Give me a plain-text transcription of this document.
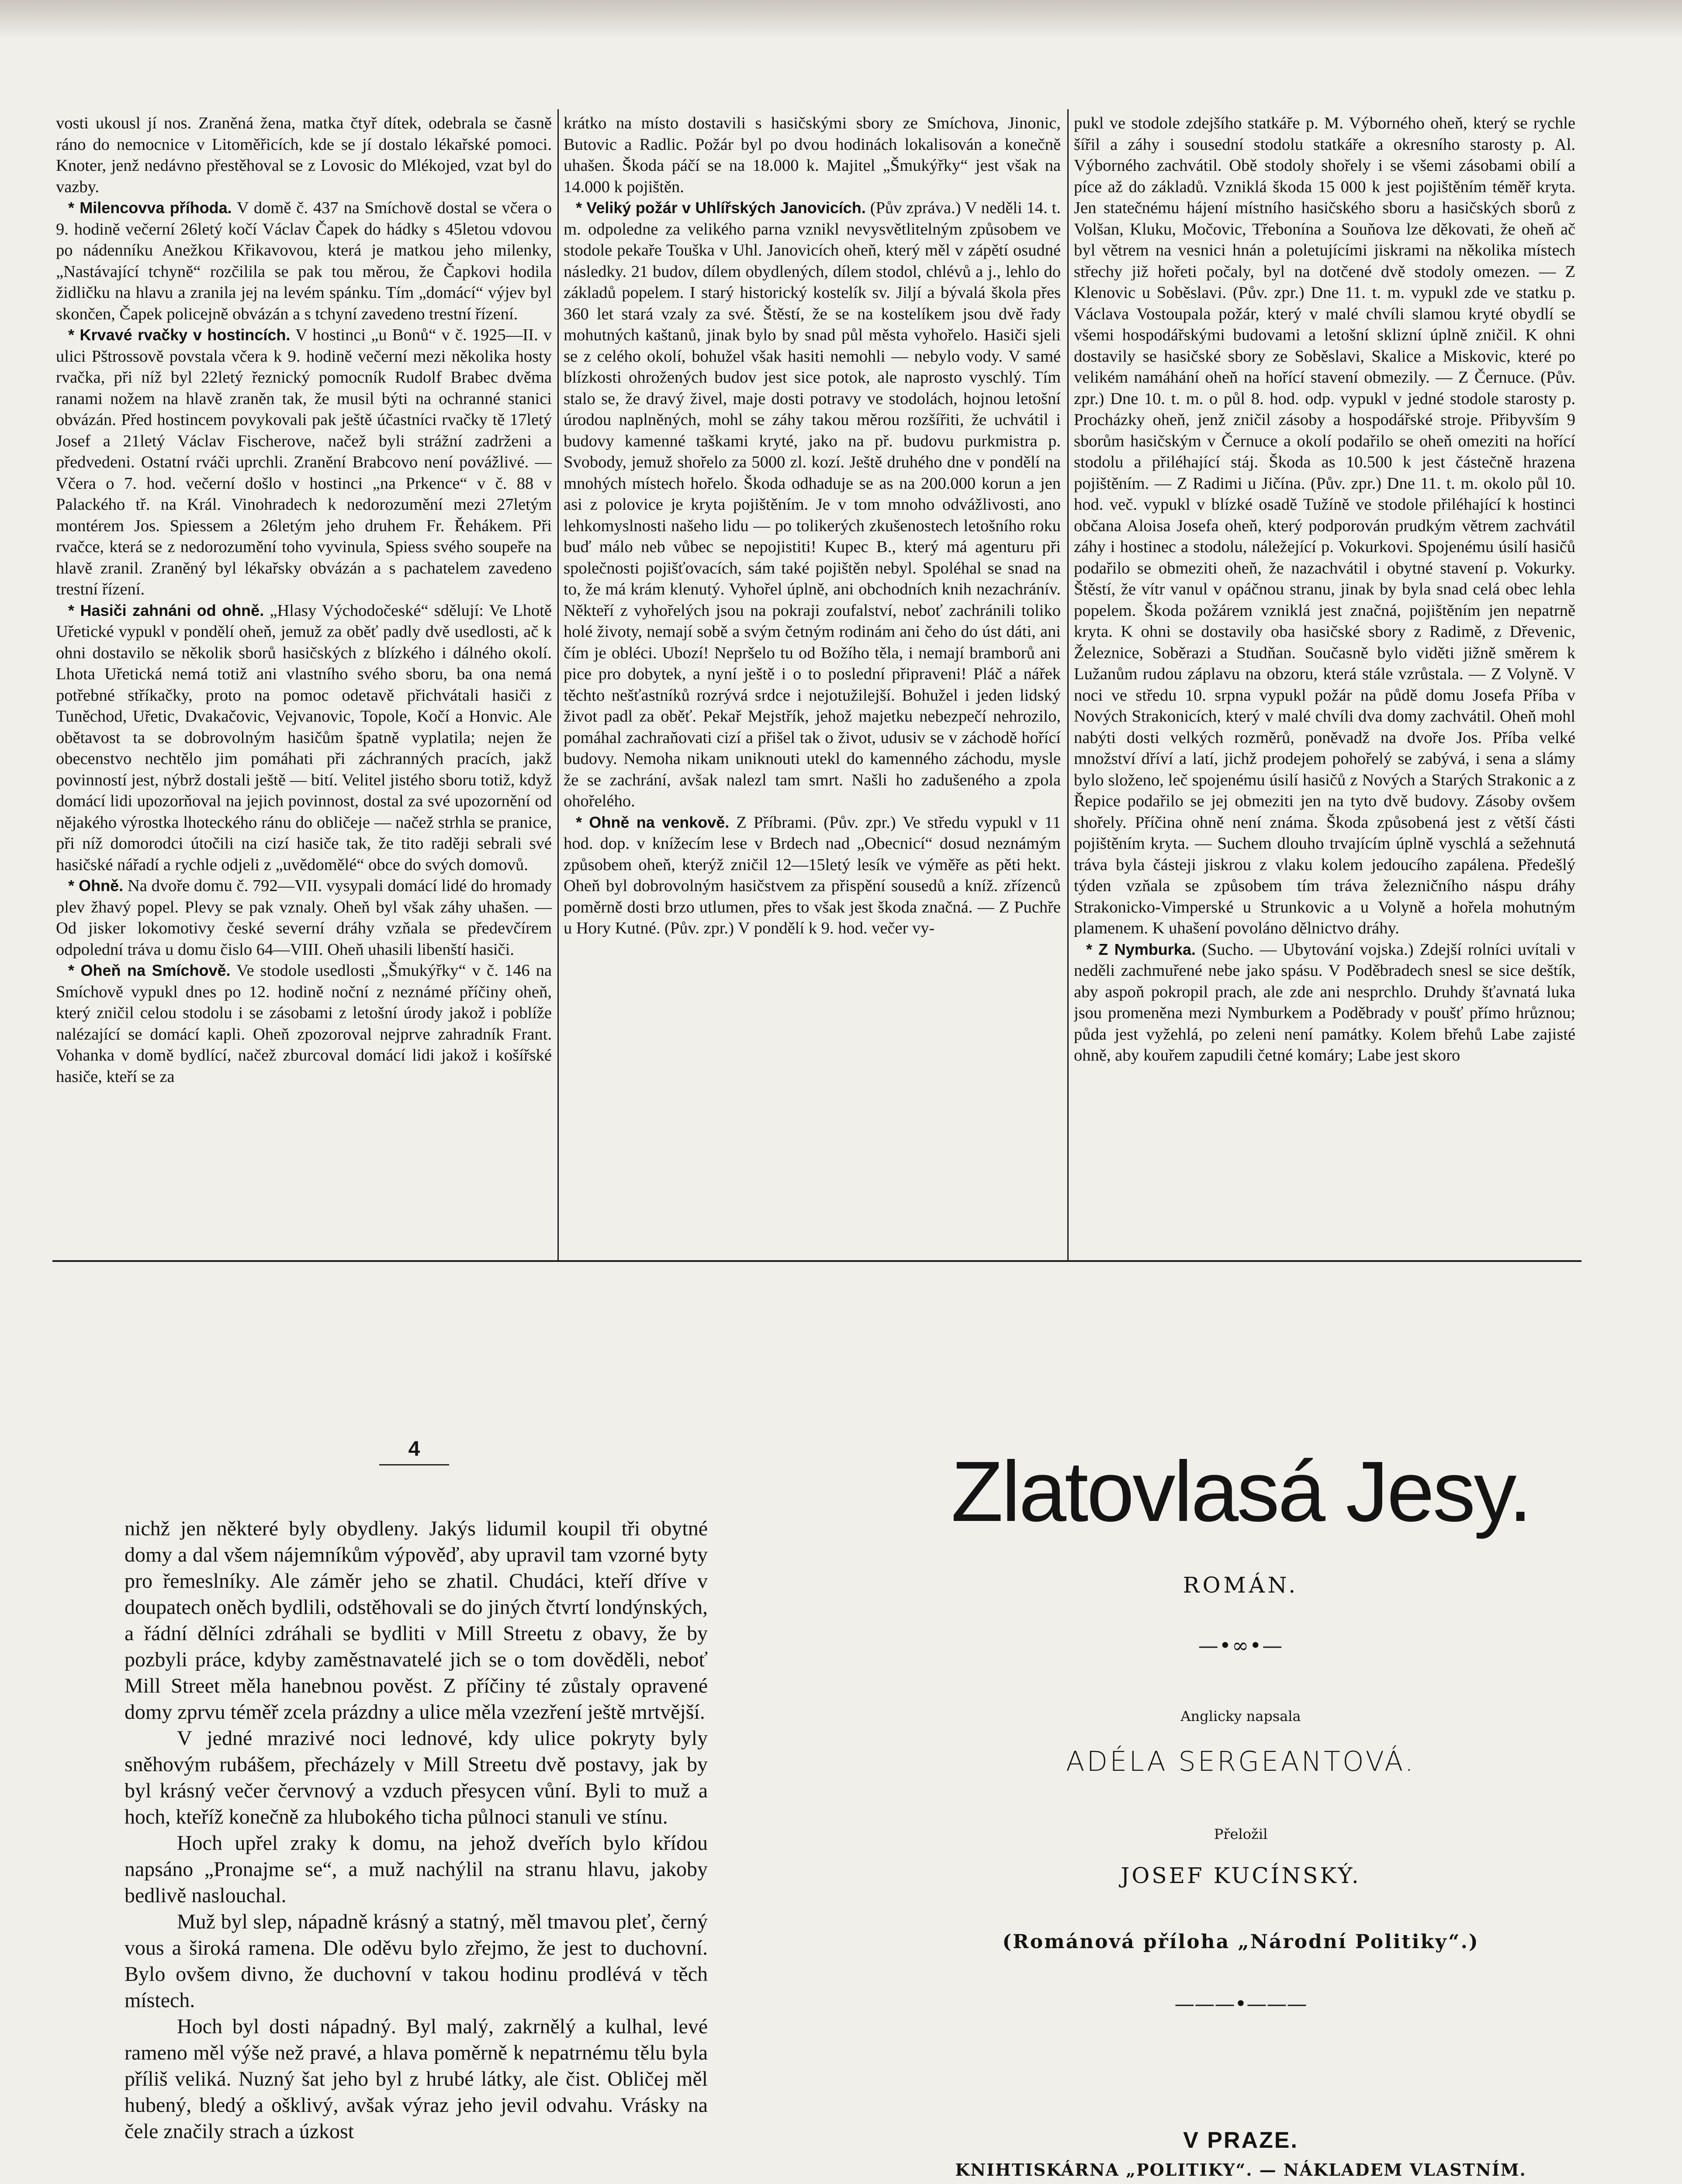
vosti ukousl jí nos. Zraněná žena, matka čtyř dítek, odebrala se časně ráno do nemocnice v Litoměřicích, kde se jí dostalo lékařské pomoci. Knoter, jenž nedávno přestěhoval se z Lovosic do Mlékojed, vzat byl do vazby.

* Milencovva příhoda. V domě č. 437 na Smíchově dostal se včera o 9. hodině večerní 26letý kočí Václav Čapek do hádky s 45letou vdovou po nádenníku Anežkou Křikavovou, která je matkou jeho milenky, „Nastávající tchyně“ rozčilila se pak tou měrou, že Čapkovi hodila židličku na hlavu a zranila jej na levém spánku. Tím „domácí“ výjev byl skončen, Čapek policejně obvázán a s tchyní zavedeno trestní řízení.

* Krvavé rvačky v hostincích. V hostinci „u Bonů“ v č. 1925—II. v ulici Pštrossově povstala včera k 9. hodině večerní mezi několika hosty rvačka, při níž byl 22letý řeznický pomocník Rudolf Brabec dvěma ranami nožem na hlavě zraněn tak, že musil býti na ochranné stanici obvázán. Před hostincem povykovali pak ještě účastníci rvačky tě 17letý Josef a 21letý Václav Fischerove, načež byli strážní zadrženi a předvedeni. Ostatní rváči uprchli. Zranění Brabcovo není povážlivé. — Včera o 7. hod. večerní došlo v hostinci „na Prkence“ v č. 88 v Palackého tř. na Král. Vinohradech k nedorozumění mezi 27letým montérem Jos. Spiessem a 26letým jeho druhem Fr. Řehákem. Při rvačce, která se z nedorozumění toho vyvinula, Spiess svého soupeře na hlavě zranil. Zraněný byl lékařsky obvázán a s pachatelem zavedeno trestní řízení.

* Hasiči zahnáni od ohně. „Hlasy Východočeské“ sdělují: Ve Lhotě Uřetické vypukl v pondělí oheň, jemuž za oběť padly dvě usedlosti, ač k ohni dostavilo se několik sborů hasičských z blízkého i dálného okolí. Lhota Uřetická nemá totiž ani vlastního svého sboru, ba ona nemá potřebné stříkačky, proto na pomoc odetavě přichvátali hasiči z Tuněchod, Uřetic, Dvakačovic, Vejvanovic, Topole, Kočí a Honvic. Ale obětavost ta se dobrovolným hasičům špatně vyplatila; nejen že obecenstvo nechtělo jim pomáhati při záchranných pracích, jakž povinností jest, nýbrž dostali ještě — bití. Velitel jistého sboru totiž, když domácí lidi upozorňoval na jejich povinnost, dostal za své upozornění od nějakého výrostka lhoteckého ránu do obličeje — načež strhla se pranice, při níž domorodci útočili na cizí hasiče tak, že tito raději sebrali své hasičské nářadí a rychle odjeli z „uvědomělé“ obce do svých domovů.

* Ohně. Na dvoře domu č. 792—VII. vysypali domácí lidé do hromady plev žhavý popel. Plevy se pak vznaly. Oheň byl však záhy uhašen. — Od jisker lokomotivy české severní dráhy vzňala se předevčírem odpolední tráva u domu čislo 64—VIII. Oheň uhasili libenští hasiči.

* Oheň na Smíchově. Ve stodole usedlosti „Šmukýřky“ v č. 146 na Smíchově vypukl dnes po 12. hodině noční z neznámé příčiny oheň, který zničil celou stodolu i se zásobami z letošní úrody jakož i poblíže nalézající se domácí kapli. Oheň zpozoroval nejprve zahradník Frant. Vohanka v domě bydlící, načež zburcoval domácí lidi jakož i košířské hasiče, kteří se za

krátko na místo dostavili s hasičskými sbory ze Smíchova, Jinonic, Butovic a Radlic. Požár byl po dvou hodinách lokalisován a konečně uhašen. Škoda páčí se na 18.000 k. Majitel „Šmukýřky“ jest však na 14.000 k pojištěn.

* Veliký požár v Uhlířských Janovicích. (Pův zpráva.) V neděli 14. t. m. odpoledne za velikého parna vznikl nevysvětlitelným způsobem ve stodole pekaře Touška v Uhl. Janovicích oheň, který měl v zápětí osudné následky. 21 budov, dílem obydlených, dílem stodol, chlévů a j., lehlo do základů popelem. I starý historický kostelík sv. Jiljí a bývalá škola přes 360 let stará vzaly za své. Štěstí, že se na kostelíkem jsou dvě řady mohutných kaštanů, jinak bylo by snad půl města vyhořelo. Hasiči sjeli se z celého okolí, bohužel však hasiti nemohli — nebylo vody. V samé blízkosti ohrožených budov jest sice potok, ale naprosto vyschlý. Tím stalo se, že dravý živel, maje dosti potravy ve stodolách, hojnou letošní úrodou naplněných, mohl se záhy takou měrou rozšířiti, že uchvátil i budovy kamenné taškami kryté, jako na př. budovu purkmistra p. Svobody, jemuž shořelo za 5000 zl. kozí. Ještě druhého dne v pondělí na mnohých místech hořelo. Škoda odhaduje se as na 200.000 korun a jen asi z polovice je kryta pojištěním. Je v tom mnoho odvážlivosti, ano lehkomyslnosti našeho lidu — po tolikerých zkušenostech letošního roku buď málo neb vůbec se nepojistiti! Kupec B., který má agenturu při společnosti pojišťovacích, sám také pojištěn nebyl. Spoléhal se snad na to, že má krám klenutý. Vyhořel úplně, ani obchodních knih nezachránív. Někteří z vyhořelých jsou na pokraji zoufalství, neboť zachránili toliko holé životy, nemají sobě a svým četným rodinám ani čeho do úst dáti, ani čím je obléci. Ubozí! Nepršelo tu od Božího těla, i nemají bramborů ani pice pro dobytek, a nyní ještě i o to poslední připraveni! Pláč a nářek těchto nešťastníků rozrývá srdce i nejotužilejší. Bohužel i jeden lidský život padl za oběť. Pekař Mejstřík, jehož majetku nebezpečí nehrozilo, pomáhal zachraňovati cizí a přišel tak o život, udusiv se v záchodě hořící budovy. Nemoha nikam uniknouti utekl do kamenného záchodu, mysle že se zachrání, avšak nalezl tam smrt. Našli ho zadušeného a zpola ohořelého.

* Ohně na venkově. Z Příbrami. (Pův. zpr.) Ve středu vypukl v 11 hod. dop. v knížecím lese v Brdech nad „Obecnicí“ dosud neznámým způsobem oheň, kterýž zničil 12—15letý lesík ve výměře as pěti hekt. Oheň byl dobrovolným hasičstvem za přispění sousedů a kníž. zřízenců poměrně dosti brzo utlumen, přes to však jest škoda značná. — Z Puchře u Hory Kutné. (Pův. zpr.) V pondělí k 9. hod. večer vy-

pukl ve stodole zdejšího statkáře p. M. Výborného oheň, který se rychle šířil a záhy i sousední stodolu statkáře a okresního starosty p. Al. Výborného zachvátil. Obě stodoly shořely i se všemi zásobami obilí a píce až do základů. Vzniklá škoda 15 000 k jest pojištěním téměř kryta. Jen statečnému hájení místního hasičského sboru a hasičských sborů z Volšan, Kluku, Močovic, Třebonína a Souňova lze děkovati, že oheň ač byl větrem na vesnici hnán a poletujícími jiskrami na několika místech střechy již hořeti počaly, byl na dotčené dvě stodoly omezen. — Z Klenovic u Soběslavi. (Pův. zpr.) Dne 11. t. m. vypukl zde ve statku p. Václava Vostoupala požár, který v malé chvíli slamou kryté obydlí se všemi hospodářskými budovami a letošní sklizní úplně zničil. K ohni dostavily se hasičské sbory ze Soběslavi, Skalice a Miskovic, které po velikém namáhání oheň na hořící stavení obmezily. — Z Černuce. (Pův. zpr.) Dne 10. t. m. o půl 8. hod. odp. vypukl v jedné stodole starosty p. Procházky oheň, jenž zničil zásoby a hospodářské stroje. Přibyvším 9 sborům hasičským v Černuce a okolí podařilo se oheň omeziti na hořící stodolu a přiléhající stáj. Škoda as 10.500 k jest částečně hrazena pojištěním. — Z Radimi u Jičína. (Pův. zpr.) Dne 11. t. m. okolo půl 10. hod. več. vypukl v blízké osadě Tužíně ve stodole přiléhající k hostinci občana Aloisa Josefa oheň, který podporován prudkým větrem zachvátil záhy i hostinec a stodolu, náležející p. Vokurkovi. Spojenému úsilí hasičů podařilo se obmeziti oheň, že nazachvátil i obytné stavení p. Vokurky. Štěstí, že vítr vanul v opáčnou stranu, jinak by byla snad celá obec lehla popelem. Škoda požárem vzniklá jest značná, pojištěním jen nepatrně kryta. K ohni se dostavily oba hasičské sbory z Radimě, z Dřevenic, Železnice, Soběrazi a Studňan. Současně bylo viděti jižně směrem k Lužanům rudou záplavu na obzoru, která stále vzrůstala. — Z Volyně. V noci ve středu 10. srpna vypukl požár na půdě domu Josefa Příba v Nových Strakonicích, který v malé chvíli dva domy zachvátil. Oheň mohl nabýti dosti velkých rozměrů, poněvadž na dvoře Jos. Příba velké množství dříví a latí, jichž prodejem pohořelý se zabývá, i sena a slámy bylo složeno, leč spojenému úsilí hasičů z Nových a Starých Strakonic a z Řepice podařilo se jej obmeziti jen na tyto dvě budovy. Zásoby ovšem shořely. Příčina ohně není známa. Škoda způsobená jest z větší části pojištěním kryta. — Suchem dlouho trvajícím úplně vyschlá a sežehnutá tráva byla částeji jiskrou z vlaku kolem jedoucího zapálena. Předešlý týden vzňala se způsobem tím tráva železničního náspu dráhy Strakonicko-Vimperské u Strunkovic a u Volyně a hořela mohutným plamenem. K uhašení povoláno dělnictvo dráhy.

* Z Nymburka. (Sucho. — Ubytování vojska.) Zdejší rolníci uvítali v neděli zachmuřené nebe jako spásu. V Poděbradech snesl se sice deštík, aby aspoň pokropil prach, ale zde ani nesprchlo. Druhdy šťavnatá luka jsou promeněna mezi Nymburkem a Poděbrady v poušť přímo hrůznou; půda jest vyžehlá, po zeleni není památky. Kolem břehů Labe zajisté ohně, aby kouřem zapudili četné komáry; Labe jest skoro

4

nichž jen některé byly obydleny. Jakýs lidumil koupil tři obytné domy a dal všem nájemníkům výpověď, aby upravil tam vzorné byty pro řemeslníky. Ale záměr jeho se zhatil. Chudáci, kteří dříve v doupatech oněch bydlili, odstěhovali se do jiných čtvrtí londýnských, a řádní dělníci zdráhali se bydliti v Mill Streetu z obavy, že by pozbyli práce, kdyby zaměstnavatelé jich se o tom dověděli, neboť Mill Street měla hanebnou pověst. Z příčiny té zůstaly opravené domy zprvu téměř zcela prázdny a ulice měla vzezření ještě mrtvější.

V jedné mrazivé noci lednové, kdy ulice pokryty byly sněhovým rubášem, přecházely v Mill Streetu dvě postavy, jak by byl krásný večer červnový a vzduch přesycen vůní. Byli to muž a hoch, kteříž konečně za hlubokého ticha půlnoci stanuli ve stínu.

Hoch upřel zraky k domu, na jehož dveřích bylo křídou napsáno „Pronajme se“, a muž nachýlil na stranu hlavu, jakoby bedlivě naslouchal.

Muž byl slep, nápadně krásný a statný, měl tmavou pleť, černý vous a široká ramena. Dle oděvu bylo zřejmo, že jest to duchovní. Bylo ovšem divno, že duchovní v takou hodinu prodlévá v těch místech.

Hoch byl dosti nápadný. Byl malý, zakrnělý a kulhal, levé rameno měl výše než pravé, a hlava poměrně k nepatrnému tělu byla příliš veliká. Nuzný šat jeho byl z hrubé látky, ale čist. Obličej měl hubený, bledý a ošklivý, avšak výraz jeho jevil odvahu. Vrásky na čele značily strach a úzkost

Zlatovlasá Jesy.
ROMÁN.
—•∞•—
Anglicky napsala
ADÉLA SERGEANTOVÁ.
Přeložil
JOSEF KUCÍNSKÝ.
(Románová příloha „Národní Politiky“.)
———•———
V PRAZE.
KNIHTISKÁRNA „POLITIKY“. — NÁKLADEM VLASTNÍM.
